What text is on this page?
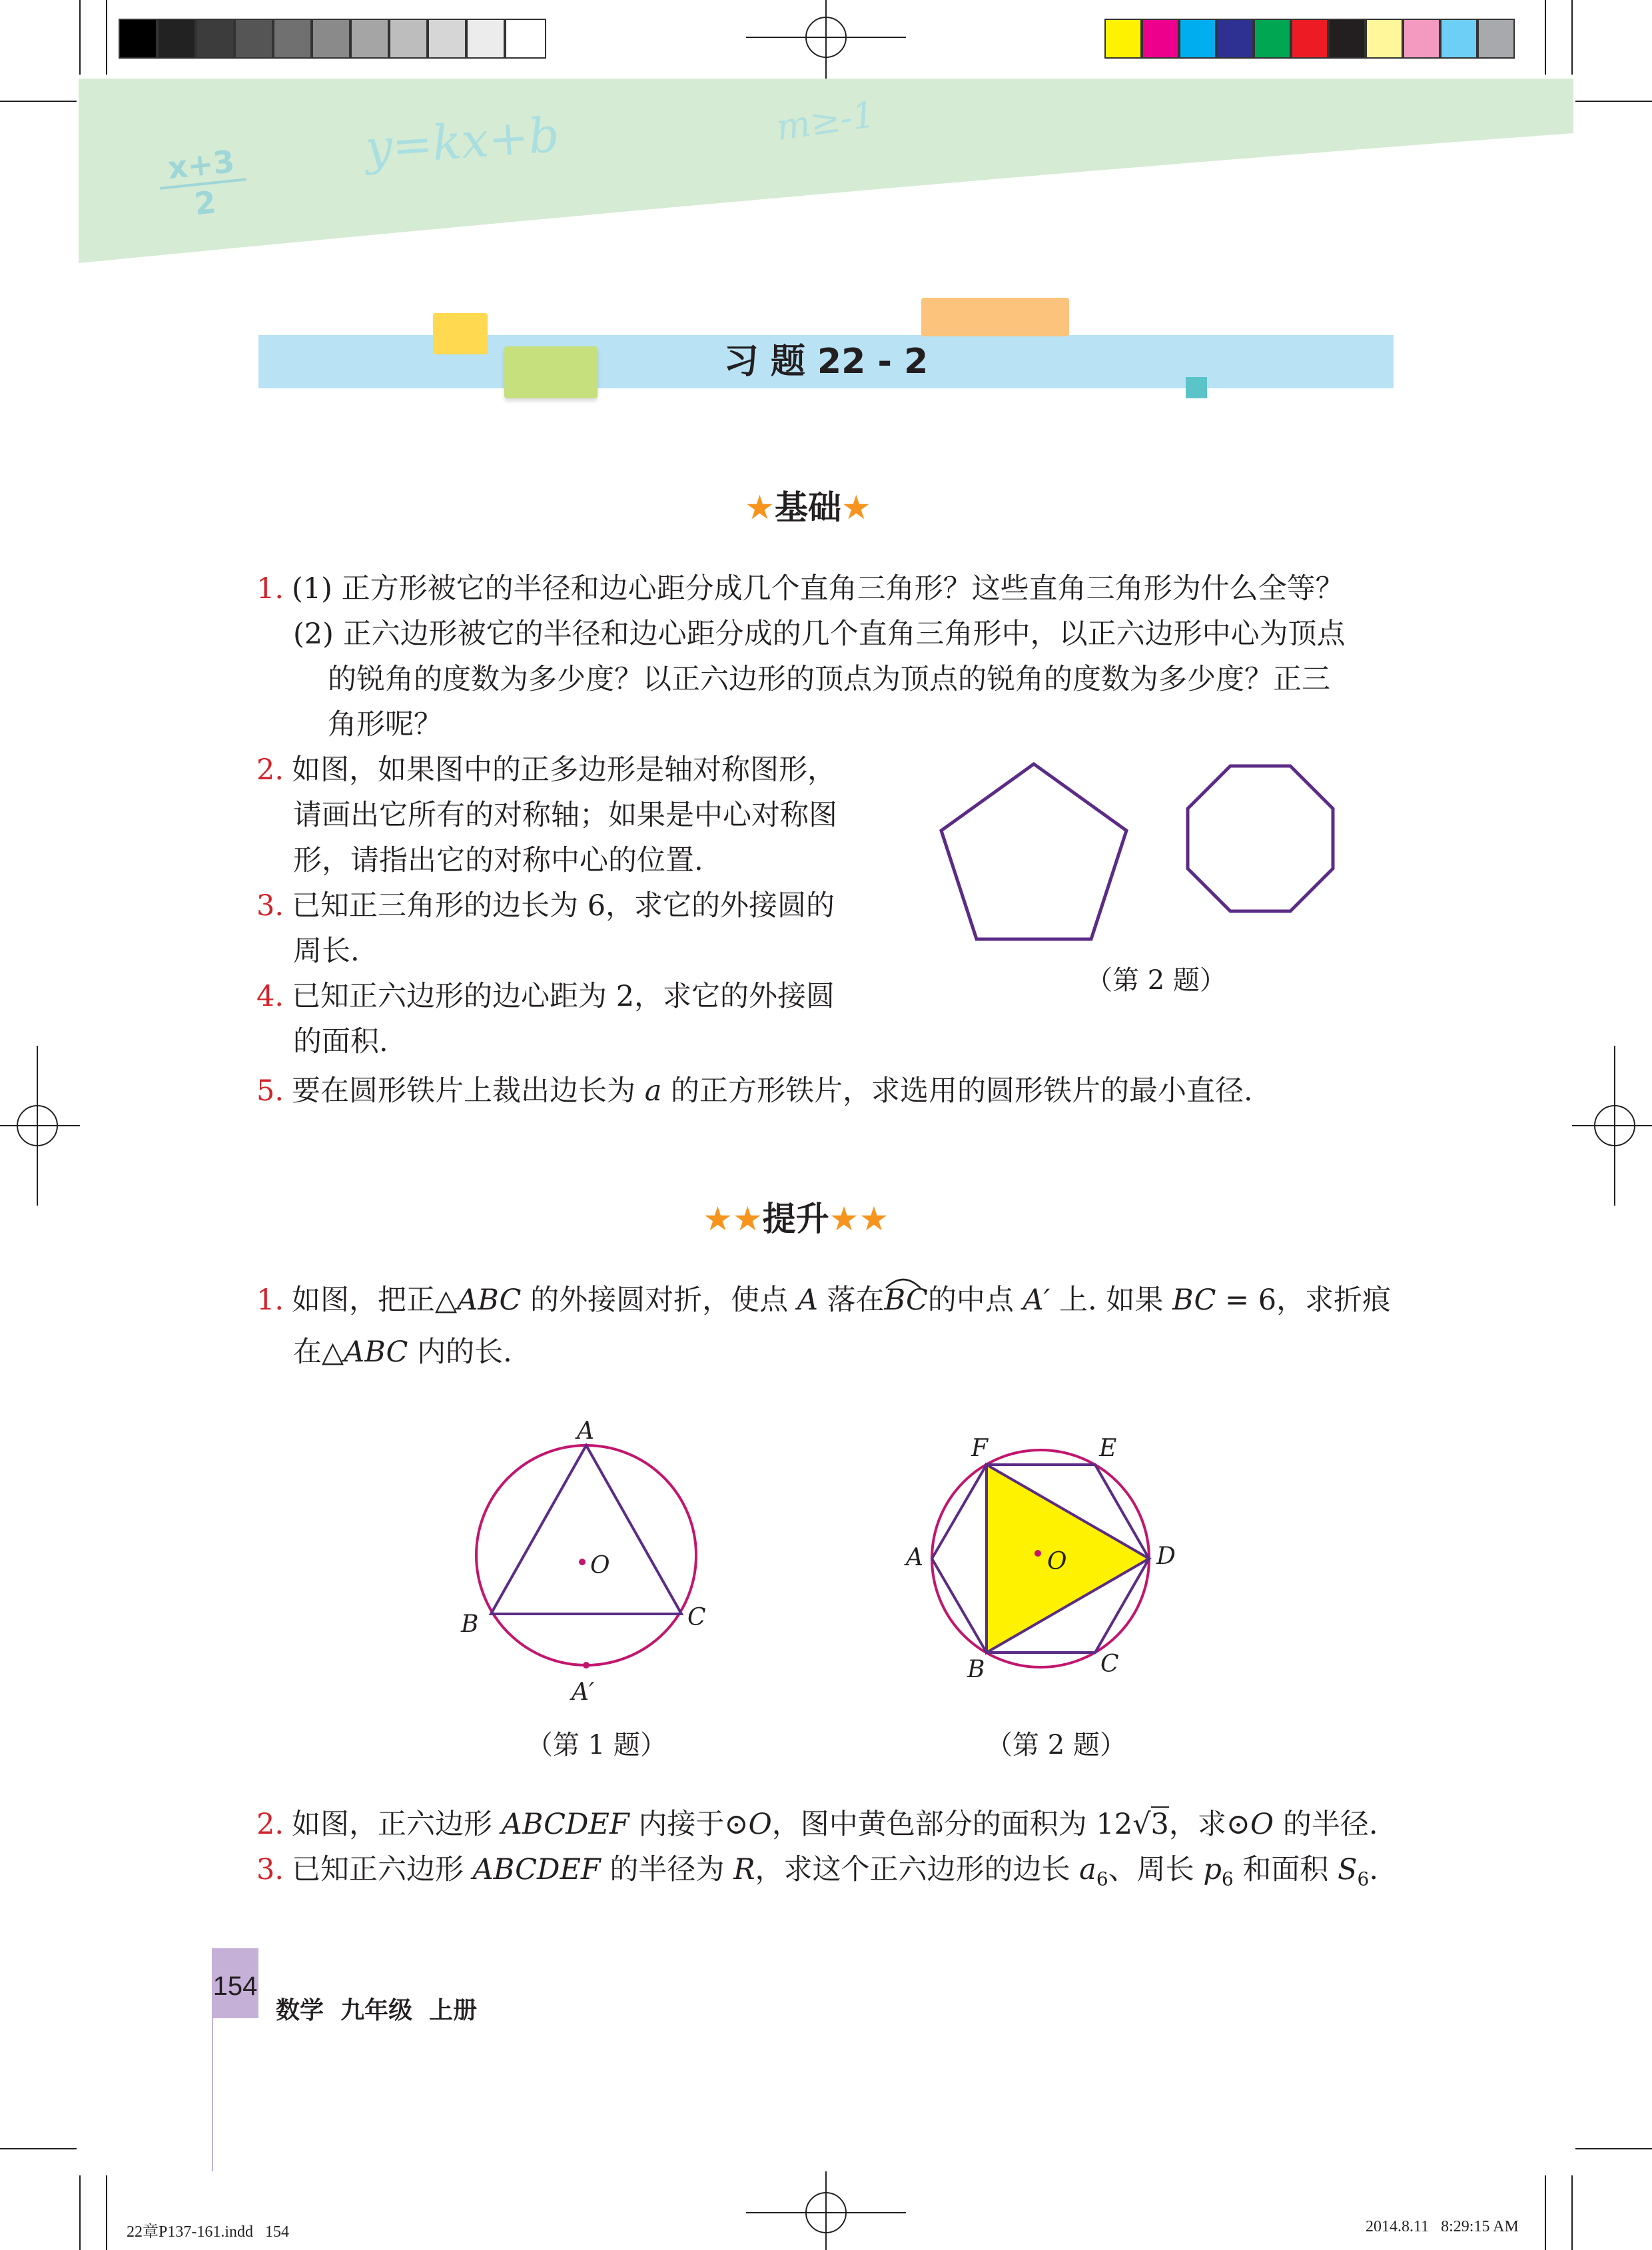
x+3
2
y=kx+b	m≥-1
习 题 22 - 2
★基础★
1. (1) 正方形被它的半径和边心距分成几个直角三角形？这些直角三角形为什么全等？
(2) 正六边形被它的半径和边心距分成的几个直角三角形中，以正六边形中心为顶点
的锐角的度数为多少度？以正六边形的顶点为顶点的锐角的度数为多少度？正三
角形呢？
2. 如图，如果图中的正多边形是轴对称图形，
请画出它所有的对称轴；如果是中心对称图
形，请指出它的对称中心的位置.
3. 已知正三角形的边长为 6，求它的外接圆的
周长.
4. 已知正六边形的边心距为 2，求它的外接圆
的面积.
5. 要在圆形铁片上裁出边长为 a 的正方形铁片，求选用的圆形铁片的最小直径.
（第 2 题）
★★提升★★
1. 如图，把正△ABC 的外接圆对折，使点 A 落在BC
的中点 A′ 上. 如果 BC = 6，求折痕
在△ABC 内的长.
A
B	C
O
A′
（第 1 题）
F	E
A	D
O
B	C
（第 2 题）
2. 如图，正六边形 ABCDEF 内接于⊙O，图中黄色部分的面积为 12√3，求⊙O 的半径.
3. 已知正六边形 ABCDEF 的半径为 R，求这个正六边形的边长 $a_6$、周长 $p_6$ 和面积 $S_6$.
154
数学  九年级  上册
22章P137-161.indd   154	2014.8.11   8:29:15 AM
